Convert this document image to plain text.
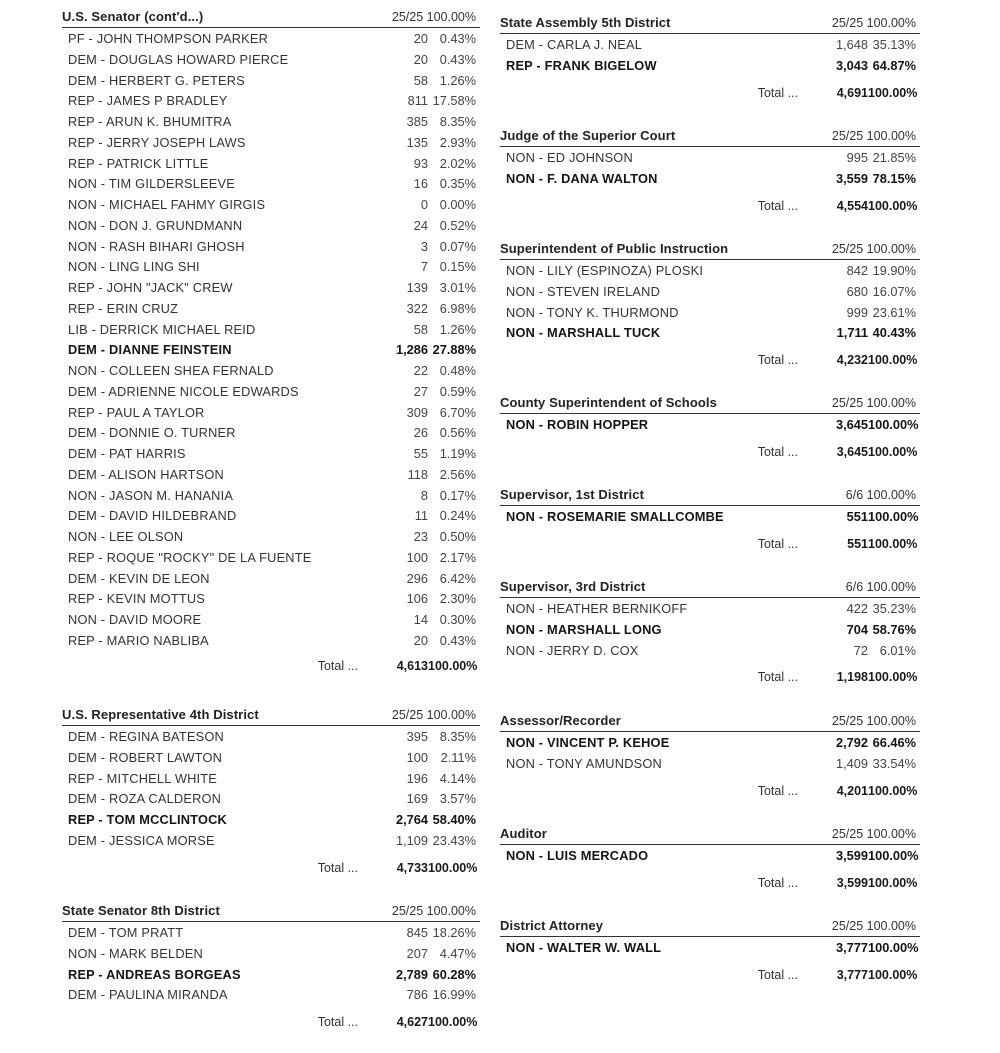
U.S. Senator (cont'd...)	25/25 100.00%
PF - JOHN THOMPSON PARKER	20 0.43%
DEM - DOUGLAS HOWARD PIERCE	20 0.43%
DEM - HERBERT G. PETERS	58 1.26%
REP - JAMES P BRADLEY	811 17.58%
REP - ARUN K. BHUMITRA	385 8.35%
REP - JERRY JOSEPH LAWS	135 2.93%
REP - PATRICK LITTLE	93 2.02%
NON - TIM GILDERSLEEVE	16 0.35%
NON - MICHAEL FAHMY GIRGIS	0 0.00%
NON - DON J. GRUNDMANN	24 0.52%
NON - RASH BIHARI GHOSH	3 0.07%
NON - LING LING SHI	7 0.15%
REP - JOHN "JACK" CREW	139 3.01%
REP - ERIN CRUZ	322 6.98%
LIB - DERRICK MICHAEL REID	58 1.26%
DEM - DIANNE FEINSTEIN	1,286 27.88%
NON - COLLEEN SHEA FERNALD	22 0.48%
DEM - ADRIENNE NICOLE EDWARDS	27 0.59%
REP - PAUL A TAYLOR	309 6.70%
DEM - DONNIE O. TURNER	26 0.56%
DEM - PAT HARRIS	55 1.19%
DEM - ALISON HARTSON	118 2.56%
NON - JASON M. HANANIA	8 0.17%
DEM - DAVID HILDEBRAND	11 0.24%
NON - LEE OLSON	23 0.50%
REP - ROQUE "ROCKY" DE LA FUENTE	100 2.17%
DEM - KEVIN DE LEON	296 6.42%
REP - KEVIN MOTTUS	106 2.30%
NON - DAVID MOORE	14 0.30%
REP - MARIO NABLIBA	20 0.43%
Total ...	4,613 100.00%
U.S. Representative 4th District	25/25 100.00%
DEM - REGINA BATESON	395 8.35%
DEM - ROBERT LAWTON	100 2.11%
REP - MITCHELL WHITE	196 4.14%
DEM - ROZA CALDERON	169 3.57%
REP - TOM MCCLINTOCK	2,764 58.40%
DEM - JESSICA MORSE	1,109 23.43%
Total ...	4,733 100.00%
State Senator 8th District	25/25 100.00%
DEM - TOM PRATT	845 18.26%
NON - MARK BELDEN	207 4.47%
REP - ANDREAS BORGEAS	2,789 60.28%
DEM - PAULINA MIRANDA	786 16.99%
Total ...	4,627 100.00%
State Assembly 5th District	25/25 100.00%
DEM - CARLA J. NEAL	1,648 35.13%
REP - FRANK BIGELOW	3,043 64.87%
Total ...	4,691 100.00%
Judge of the Superior Court	25/25 100.00%
NON - ED JOHNSON	995 21.85%
NON - F. DANA WALTON	3,559 78.15%
Total ...	4,554 100.00%
Superintendent of Public Instruction	25/25 100.00%
NON - LILY (ESPINOZA) PLOSKI	842 19.90%
NON - STEVEN IRELAND	680 16.07%
NON - TONY K. THURMOND	999 23.61%
NON - MARSHALL TUCK	1,711 40.43%
Total ...	4,232 100.00%
County Superintendent of Schools	25/25 100.00%
NON - ROBIN HOPPER	3,645 100.00%
Total ...	3,645 100.00%
Supervisor, 1st District	6/6 100.00%
NON - ROSEMARIE SMALLCOMBE	551 100.00%
Total ...	551 100.00%
Supervisor, 3rd District	6/6 100.00%
NON - HEATHER BERNIKOFF	422 35.23%
NON - MARSHALL LONG	704 58.76%
NON - JERRY D. COX	72 6.01%
Total ...	1,198 100.00%
Assessor/Recorder	25/25 100.00%
NON - VINCENT P. KEHOE	2,792 66.46%
NON - TONY AMUNDSON	1,409 33.54%
Total ...	4,201 100.00%
Auditor	25/25 100.00%
NON - LUIS MERCADO	3,599 100.00%
Total ...	3,599 100.00%
District Attorney	25/25 100.00%
NON - WALTER W. WALL	3,777 100.00%
Total ...	3,777 100.00%
